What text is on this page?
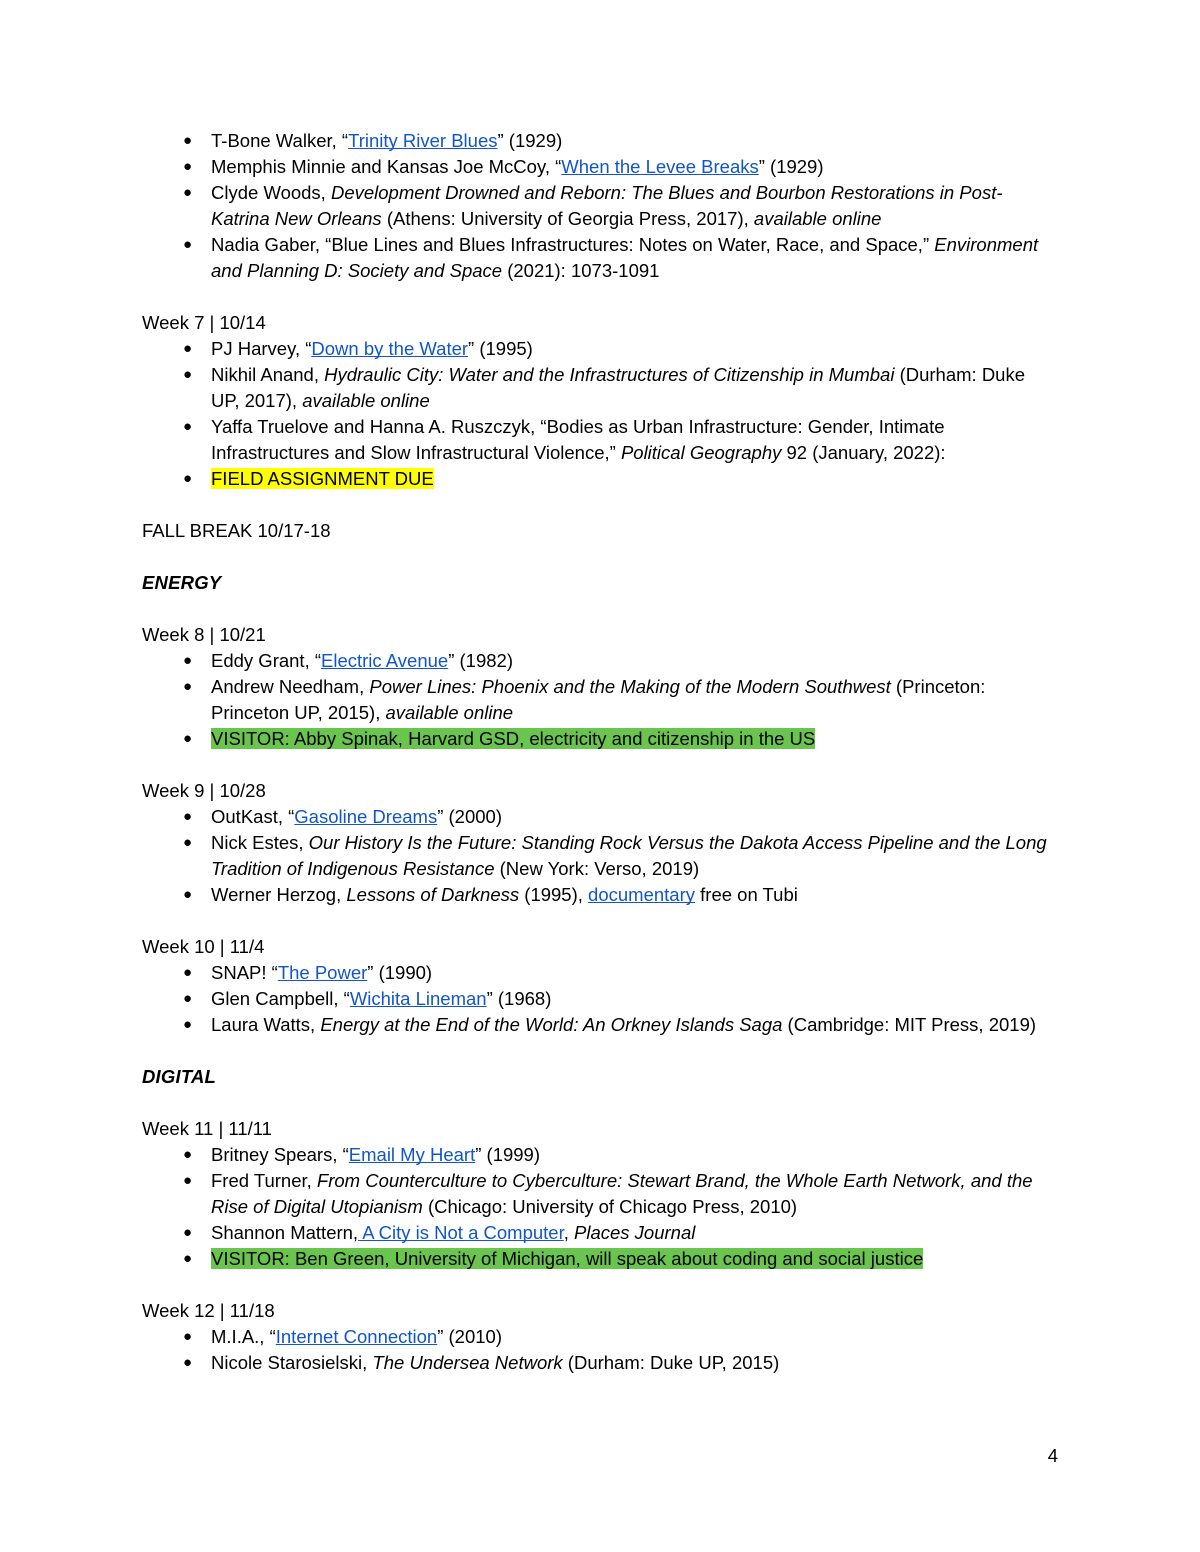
● T-Bone Walker, “Trinity River Blues” (1929)
● Memphis Minnie and Kansas Joe McCoy, “When the Levee Breaks” (1929)
● Clyde Woods, Development Drowned and Reborn: The Blues and Bourbon Restorations in Post-Katrina New Orleans (Athens: University of Georgia Press, 2017), available online
● Nadia Gaber, “Blue Lines and Blues Infrastructures: Notes on Water, Race, and Space,” Environment and Planning D: Society and Space (2021): 1073-1091

Week 7 | 10/14

● PJ Harvey, “Down by the Water” (1995)
● Nikhil Anand, Hydraulic City: Water and the Infrastructures of Citizenship in Mumbai (Durham: Duke UP, 2017), available online
● Yaffa Truelove and Hanna A. Ruszczyk, “Bodies as Urban Infrastructure: Gender, Intimate Infrastructures and Slow Infrastructural Violence,” Political Geography 92 (January, 2022):
● FIELD ASSIGNMENT DUE

FALL BREAK 10/17-18

ENERGY

Week 8 | 10/21

● Eddy Grant, “Electric Avenue” (1982)
● Andrew Needham, Power Lines: Phoenix and the Making of the Modern Southwest (Princeton: Princeton UP, 2015), available online
● VISITOR: Abby Spinak, Harvard GSD, electricity and citizenship in the US

Week 9 | 10/28

● OutKast, “Gasoline Dreams” (2000)
● Nick Estes, Our History Is the Future: Standing Rock Versus the Dakota Access Pipeline and the Long Tradition of Indigenous Resistance (New York: Verso, 2019)
● Werner Herzog, Lessons of Darkness (1995), documentary free on Tubi

Week 10 | 11/4

● SNAP! “The Power” (1990)
● Glen Campbell, “Wichita Lineman” (1968)
● Laura Watts, Energy at the End of the World: An Orkney Islands Saga (Cambridge: MIT Press, 2019)

DIGITAL

Week 11 | 11/11

● Britney Spears, “Email My Heart” (1999)
● Fred Turner, From Counterculture to Cyberculture: Stewart Brand, the Whole Earth Network, and the Rise of Digital Utopianism (Chicago: University of Chicago Press, 2010)
● Shannon Mattern, A City is Not a Computer, Places Journal
● VISITOR: Ben Green, University of Michigan, will speak about coding and social justice

Week 12 | 11/18

● M.I.A., “Internet Connection” (2010)
● Nicole Starosielski, The Undersea Network (Durham: Duke UP, 2015)
4
